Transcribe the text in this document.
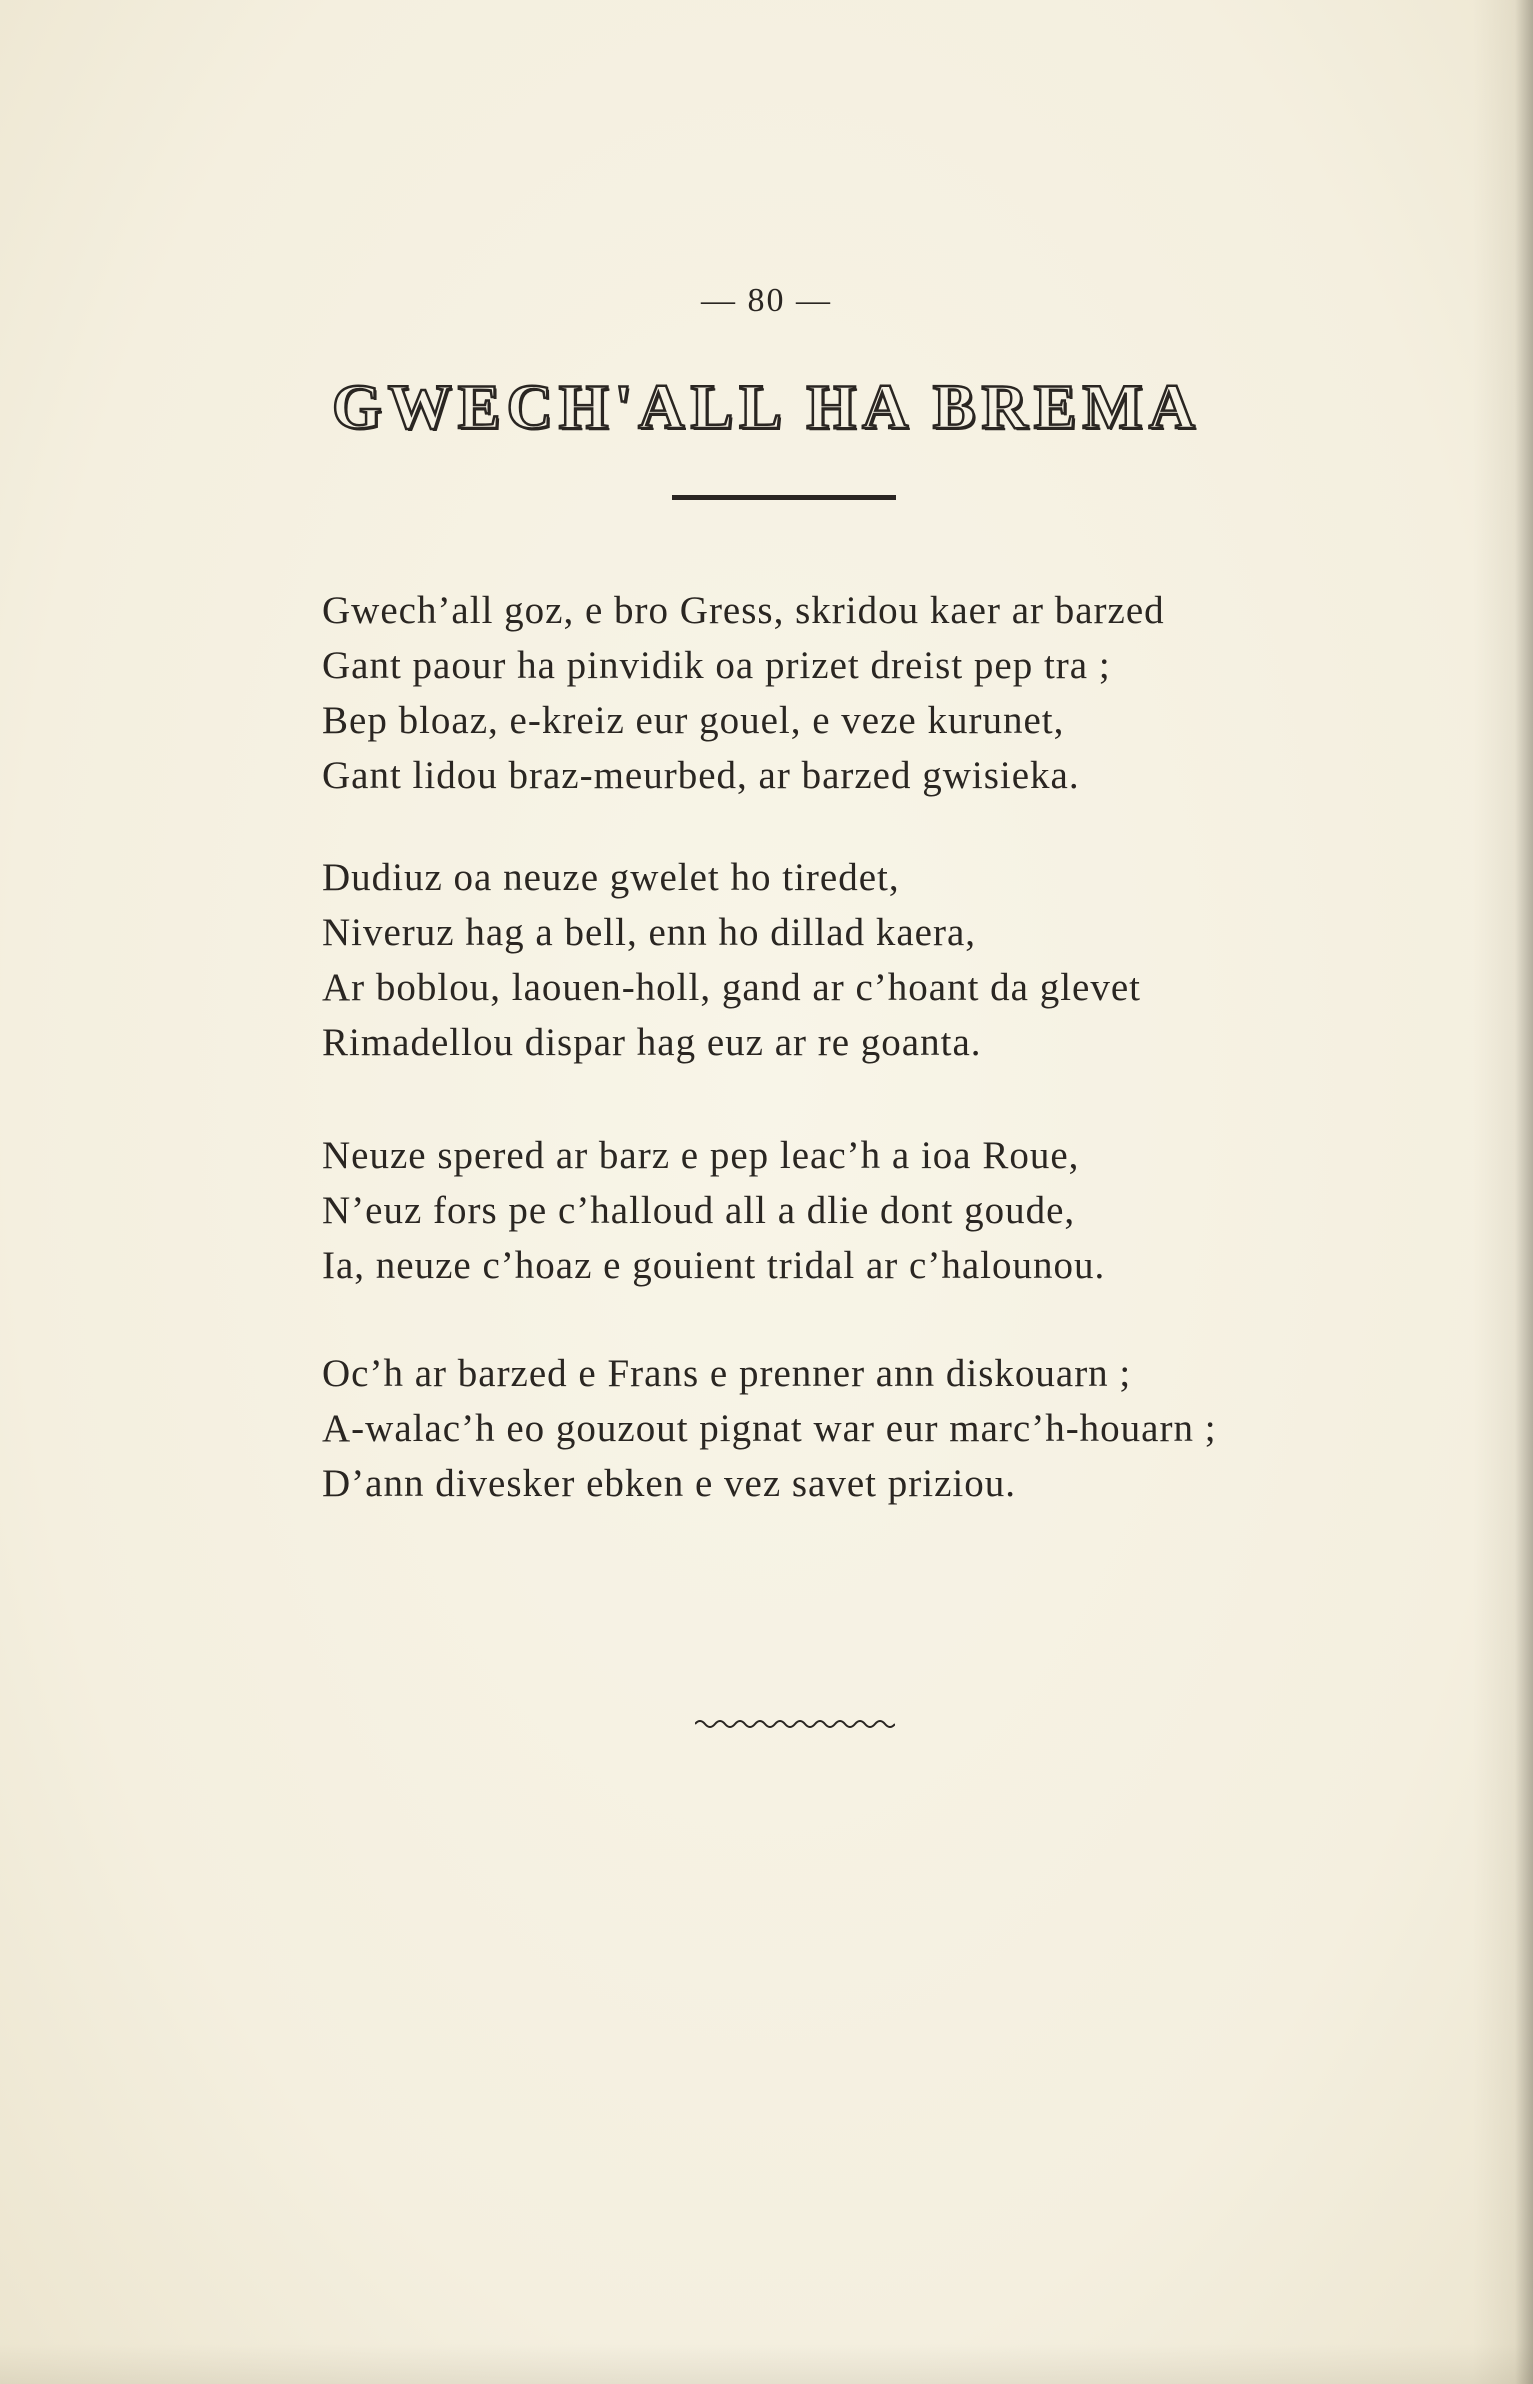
— 80 —
GWECH'ALL HA BREMA
Gwech’all goz, e bro Gress, skridou kaer ar barzed
Gant paour ha pinvidik oa prizet dreist pep tra ;
Bep bloaz, e-kreiz eur gouel, e veze kurunet,
Gant lidou braz-meurbed, ar barzed gwisieka.
Dudiuz oa neuze gwelet ho tiredet,
Niveruz hag a bell, enn ho dillad kaera,
Ar boblou, laouen-holl, gand ar c’hoant da glevet
Rimadellou dispar hag euz ar re goanta.
Neuze spered ar barz e pep leac’h a ioa Roue,
N’euz fors pe c’halloud all a dlie dont goude,
Ia, neuze c’hoaz e gouient tridal ar c’halounou.
Oc’h ar barzed e Frans e prenner ann diskouarn ;
A-walac’h eo gouzout pignat war eur marc’h-houarn ;
D’ann divesker ebken e vez savet priziou.
